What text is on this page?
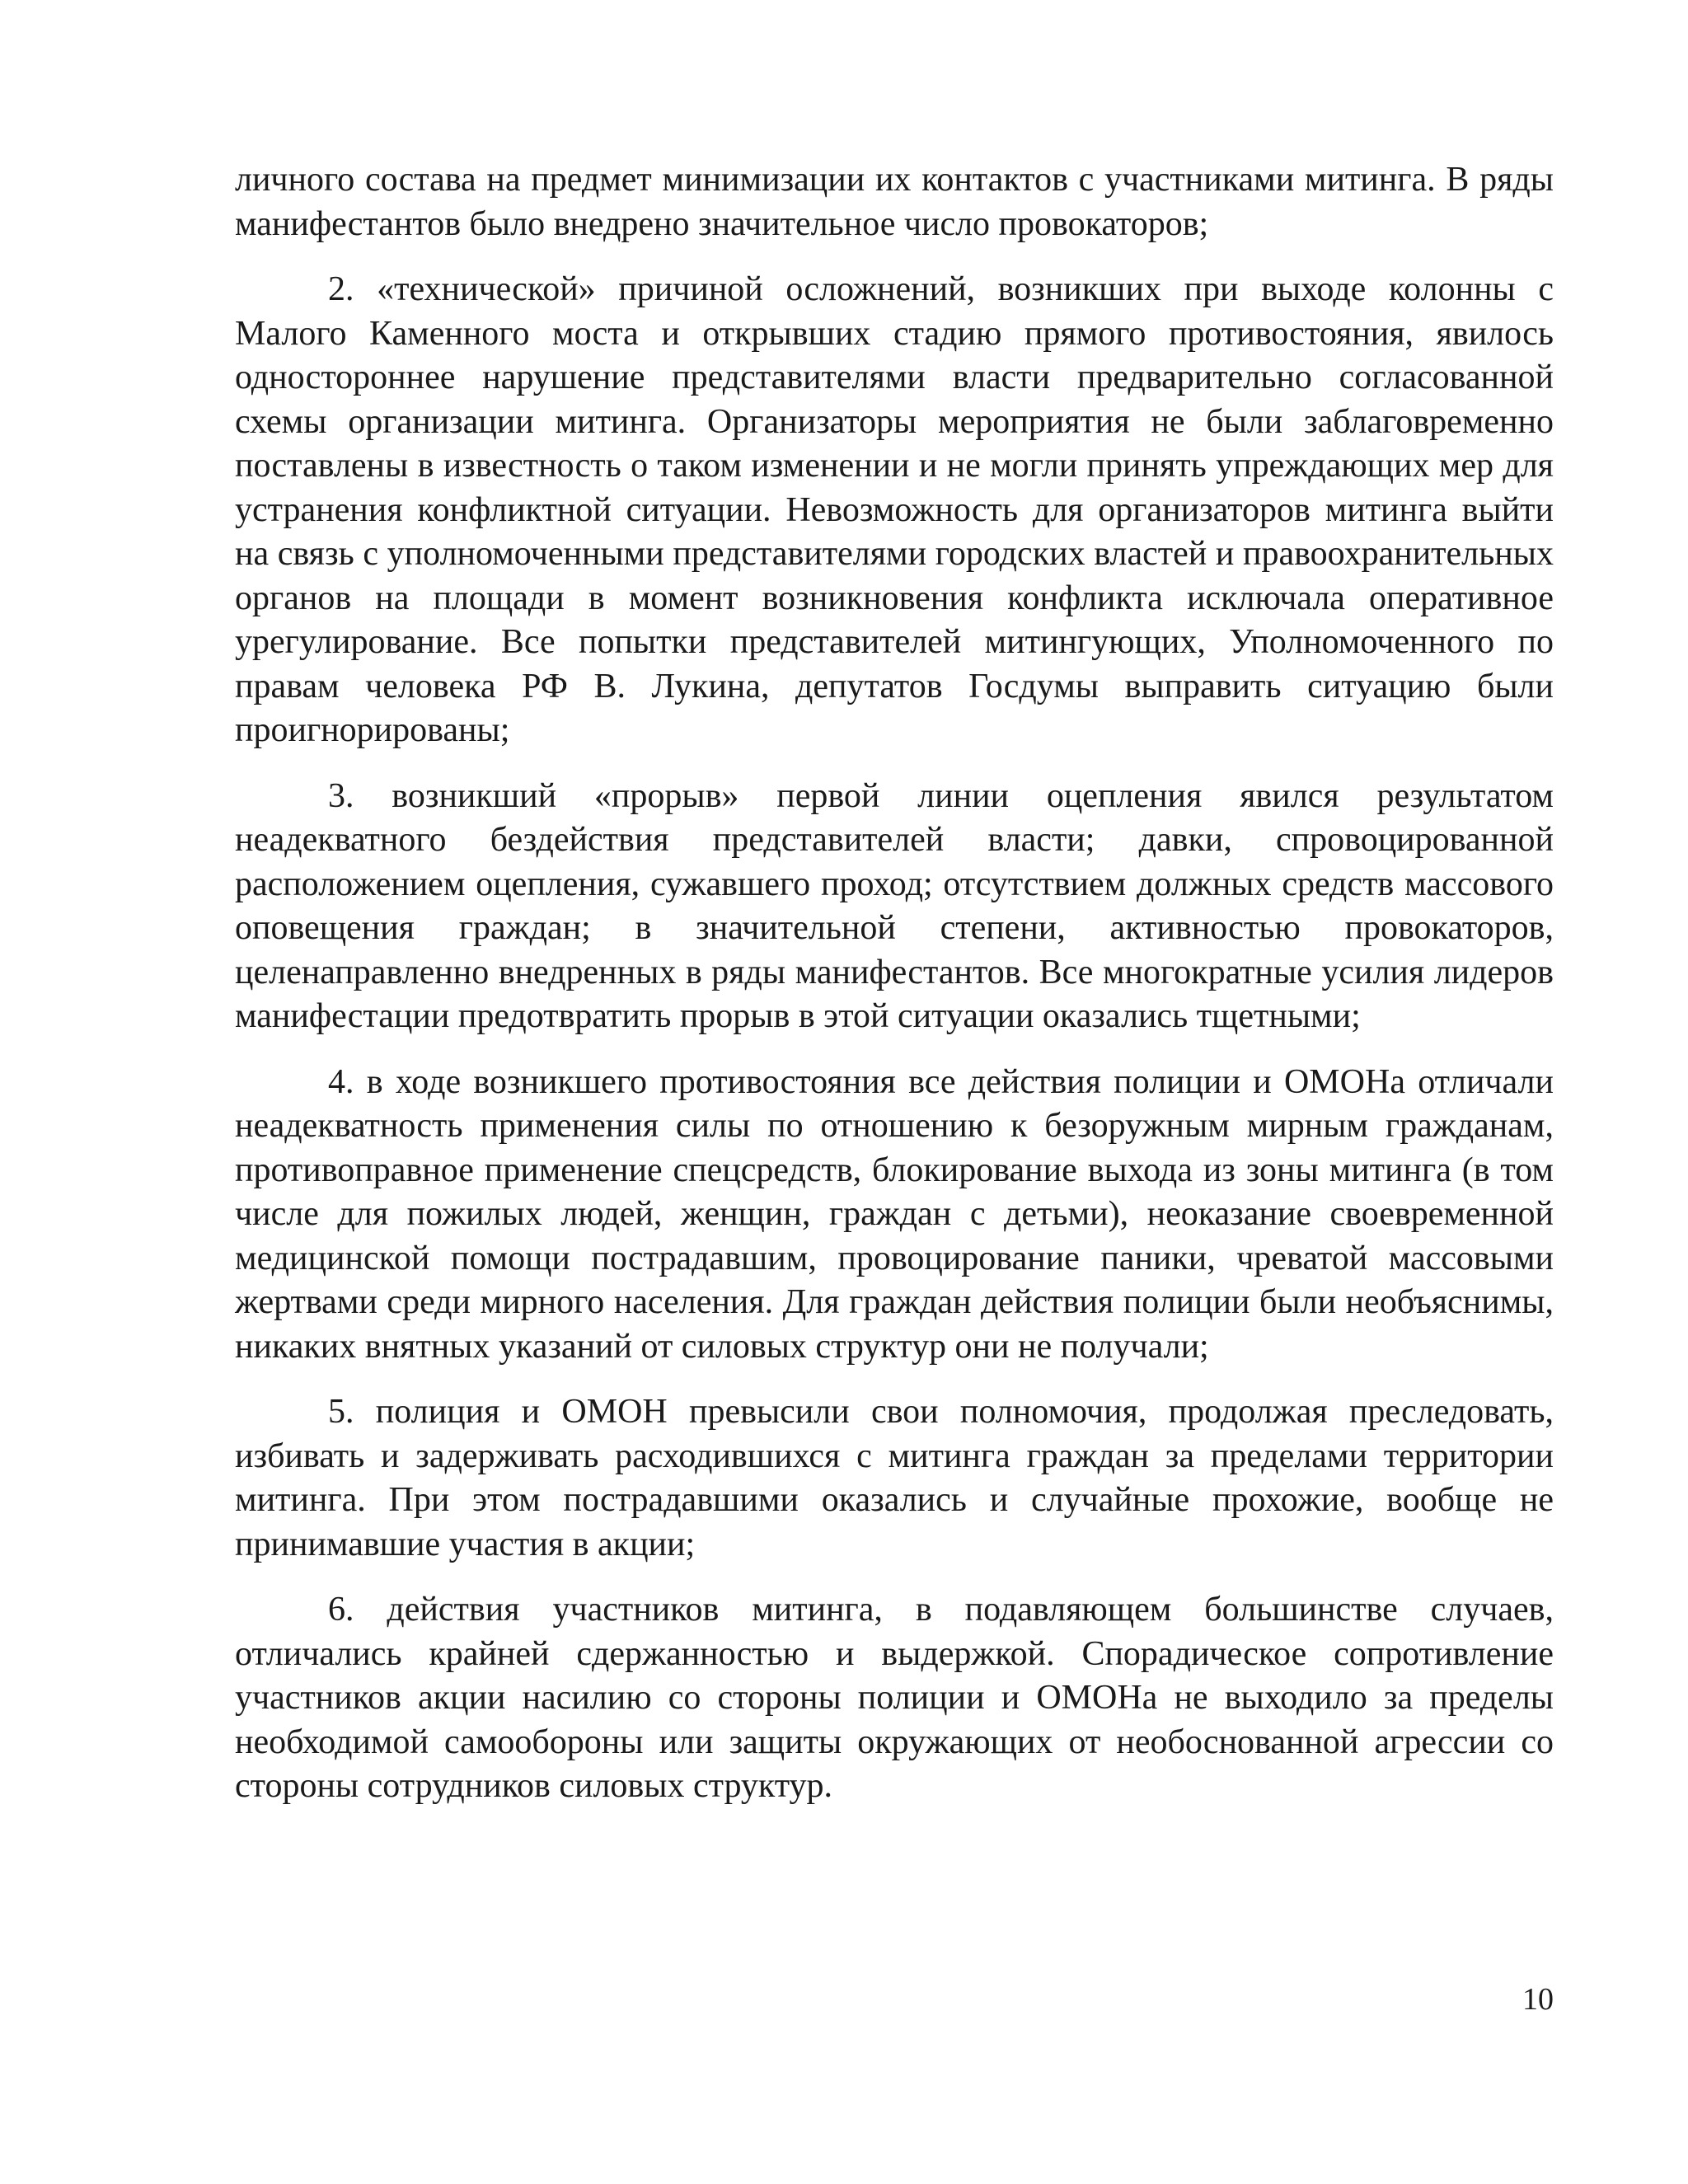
личного состава на предмет минимизации их контактов с участниками митинга. В ряды манифестантов было внедрено значительное число провокаторов;

2. «технической» причиной осложнений, возникших при выходе колонны с Малого Каменного моста и открывших стадию прямого противостояния, явилось одностороннее нарушение представителями власти предварительно согласованной схемы организации митинга. Организаторы мероприятия не были заблаговременно поставлены в известность о таком изменении и не могли принять упреждающих мер для устранения конфликтной ситуации. Невозможность для организаторов митинга выйти на связь с уполномоченными представителями городских властей и правоохранительных органов на площади в момент возникновения конфликта исключала оперативное урегулирование. Все попытки представителей митингующих, Уполномоченного по правам человека РФ В. Лукина, депутатов Госдумы выправить ситуацию были проигнорированы;

3. возникший «прорыв» первой линии оцепления явился результатом неадекватного бездействия представителей власти; давки, спровоцированной расположением оцепления, сужавшего проход; отсутствием должных средств массового оповещения граждан; в значительной степени, активностью провокаторов, целенаправленно внедренных в ряды манифестантов. Все многократные усилия лидеров манифестации предотвратить прорыв в этой ситуации оказались тщетными;

4. в ходе возникшего противостояния все действия полиции и ОМОНа отличали неадекватность применения силы по отношению к безоружным мирным гражданам, противоправное применение спецсредств, блокирование выхода из зоны митинга (в том числе для пожилых людей, женщин, граждан с детьми), неоказание своевременной медицинской помощи пострадавшим, провоцирование паники, чреватой массовыми жертвами среди мирного населения. Для граждан действия полиции были необъяснимы, никаких внятных указаний от силовых структур они не получали;

5. полиция и ОМОН превысили свои полномочия, продолжая преследовать, избивать и задерживать расходившихся с митинга граждан за пределами территории митинга. При этом пострадавшими оказались и случайные прохожие, вообще не принимавшие участия в акции;

6. действия участников митинга, в подавляющем большинстве случаев, отличались крайней сдержанностью и выдержкой. Спорадическое сопротивление участников акции насилию со стороны полиции и ОМОНа не выходило за пределы необходимой самообороны или защиты окружающих от необоснованной агрессии со стороны сотрудников силовых структур.

10
